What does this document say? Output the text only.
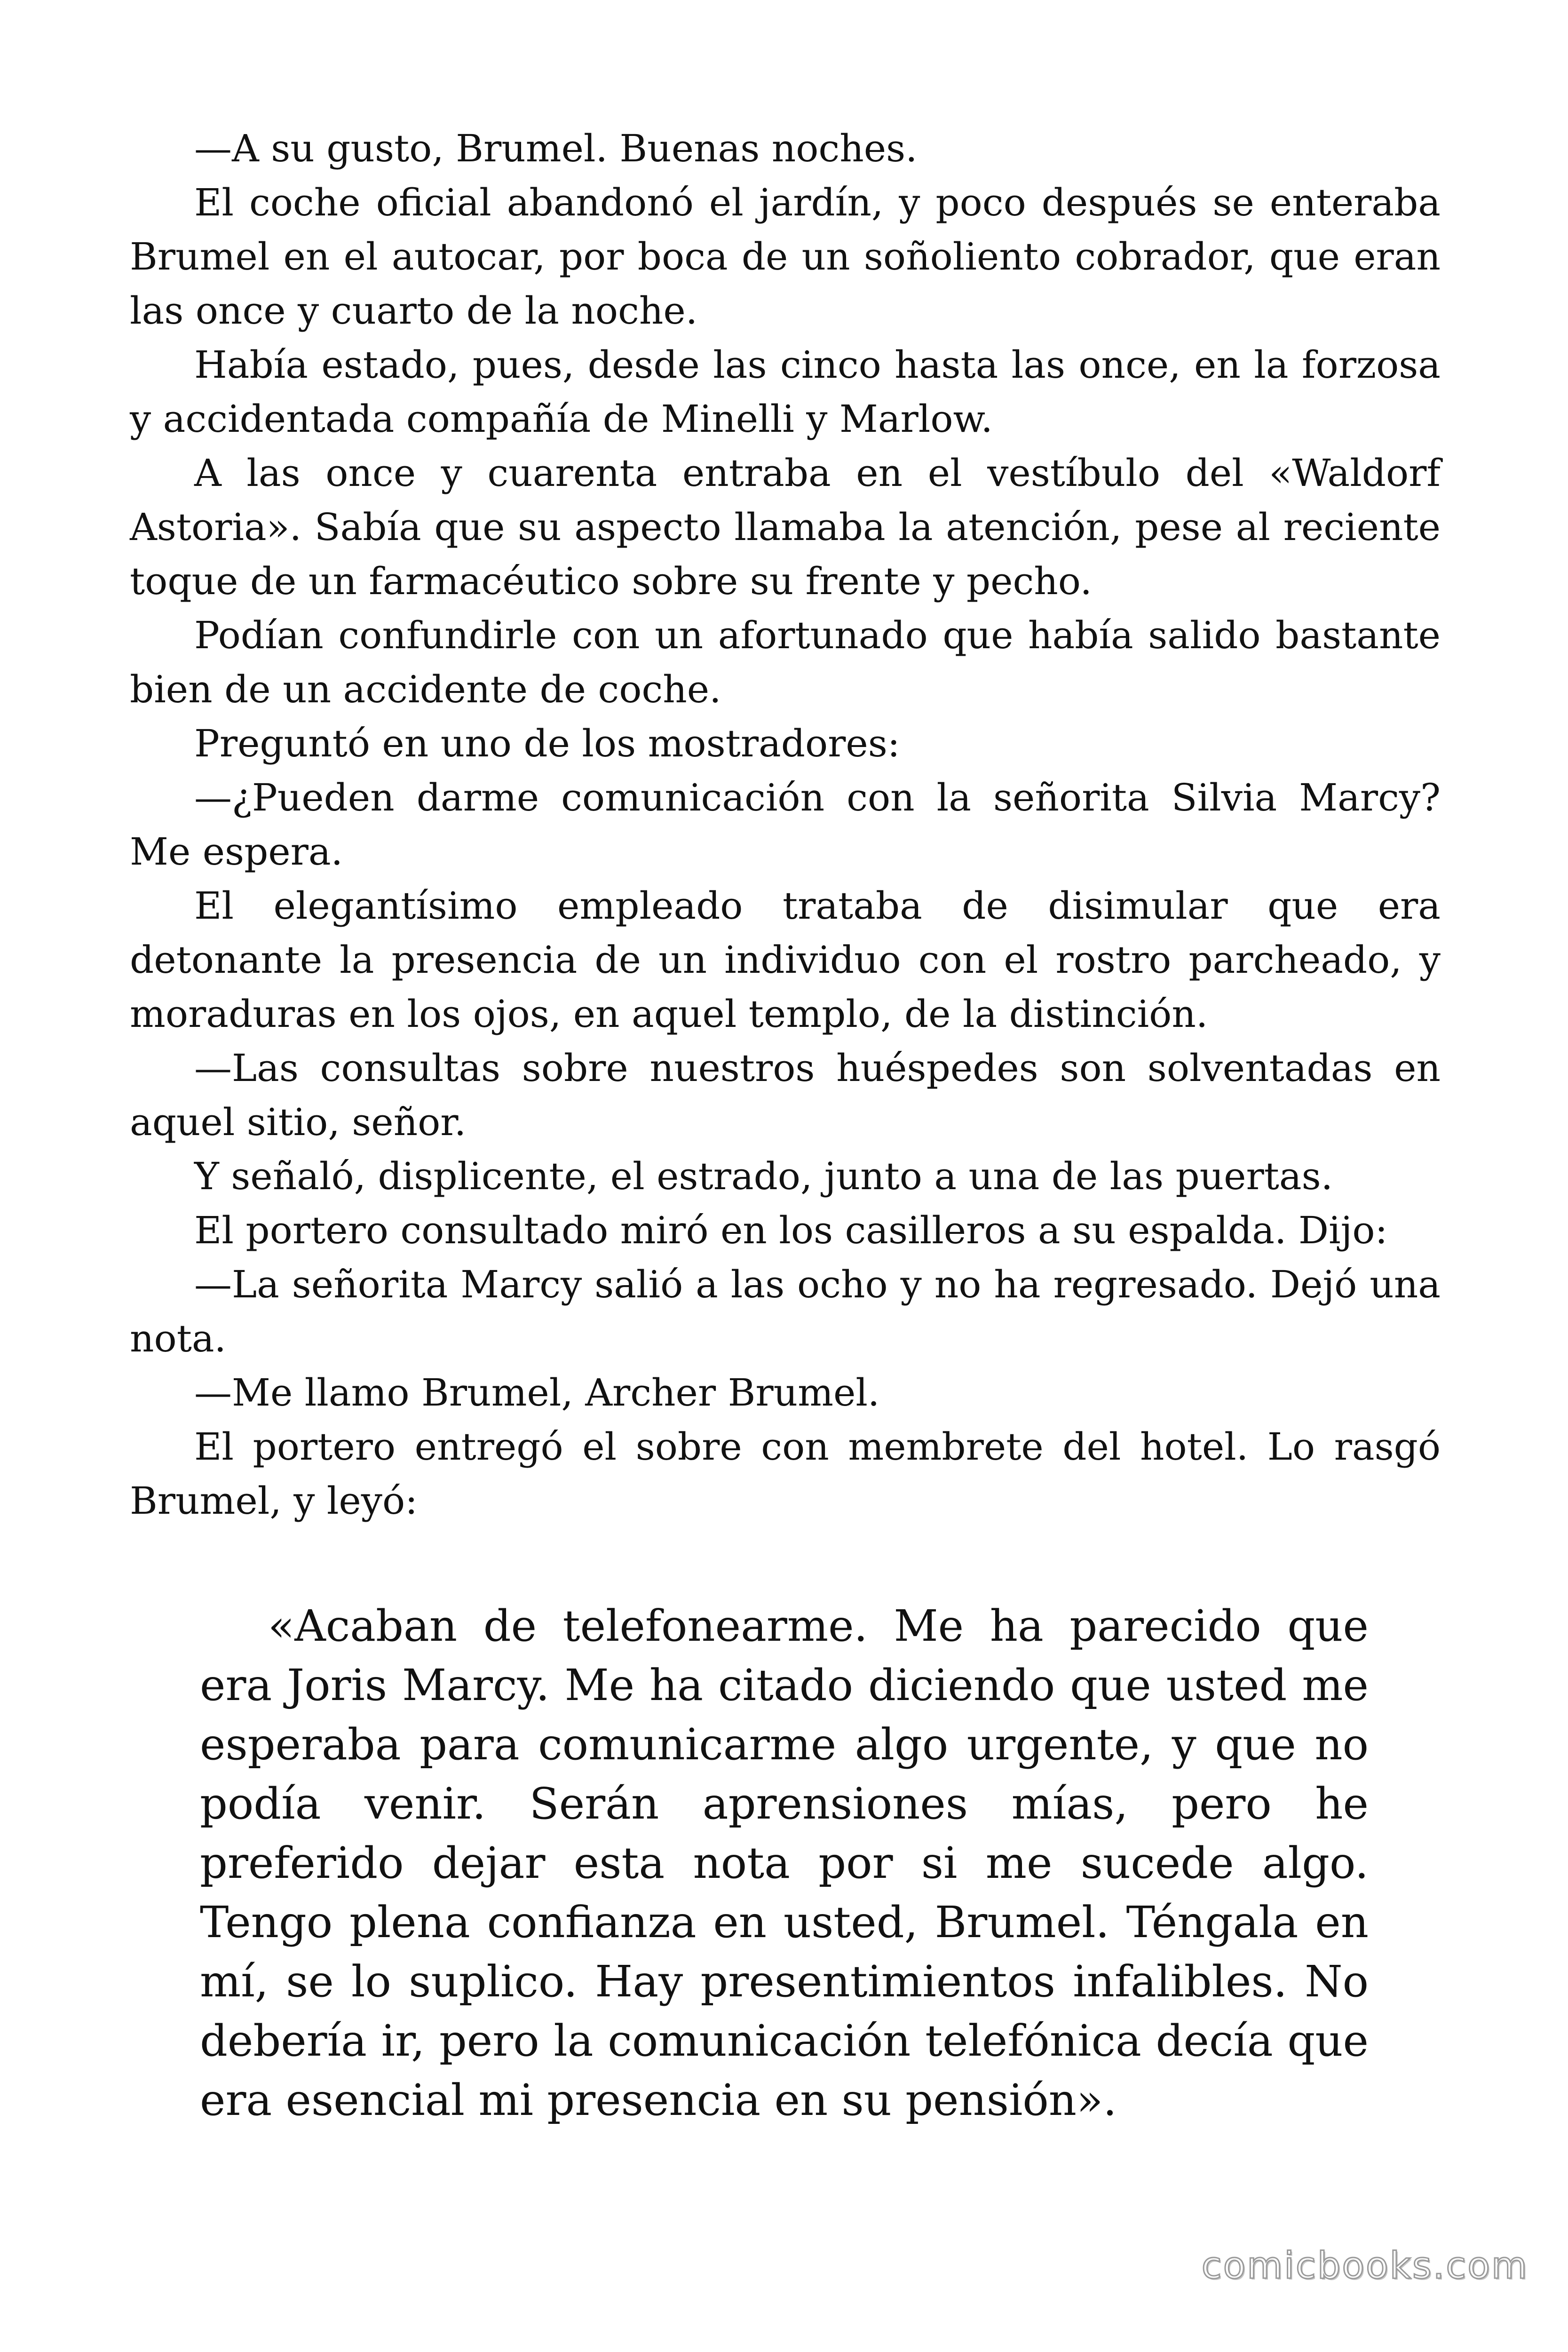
—A su gusto, Brumel. Buenas noches.

El coche oficial abandonó el jardín, y poco después se enteraba Brumel en el autocar, por boca de un soñoliento cobrador, que eran las once y cuarto de la noche.

Había estado, pues, desde las cinco hasta las once, en la forzosa y accidentada compañía de Minelli y Marlow.

A las once y cuarenta entraba en el vestíbulo del «Waldorf Astoria». Sabía que su aspecto llamaba la atención, pese al reciente toque de un farmacéutico sobre su frente y pecho.

Podían confundirle con un afortunado que había salido bastante bien de un accidente de coche.

Preguntó en uno de los mostradores:

—¿Pueden darme comunicación con la señorita Silvia Marcy? Me espera.

El elegantísimo empleado trataba de disimular que era detonante la presencia de un individuo con el rostro parcheado, y moraduras en los ojos, en aquel templo, de la distinción.

—Las consultas sobre nuestros huéspedes son solventadas en aquel sitio, señor.

Y señaló, displicente, el estrado, junto a una de las puertas.

El portero consultado miró en los casilleros a su espalda. Dijo:

—La señorita Marcy salió a las ocho y no ha regresado. Dejó una nota.

—Me llamo Brumel, Archer Brumel.

El portero entregó el sobre con membrete del hotel. Lo rasgó Brumel, y leyó:

«Acaban de telefonearme. Me ha parecido que era Joris Marcy. Me ha citado diciendo que usted me esperaba para comunicarme algo urgente, y que no podía venir. Serán aprensiones mías, pero he preferido dejar esta nota por si me sucede algo. Tengo plena confianza en usted, Brumel. Téngala en mí, se lo suplico. Hay presentimientos infalibles. No debería ir, pero la comunicación telefónica decía que era esencial mi presencia en su pensión».

comicbooks.com
